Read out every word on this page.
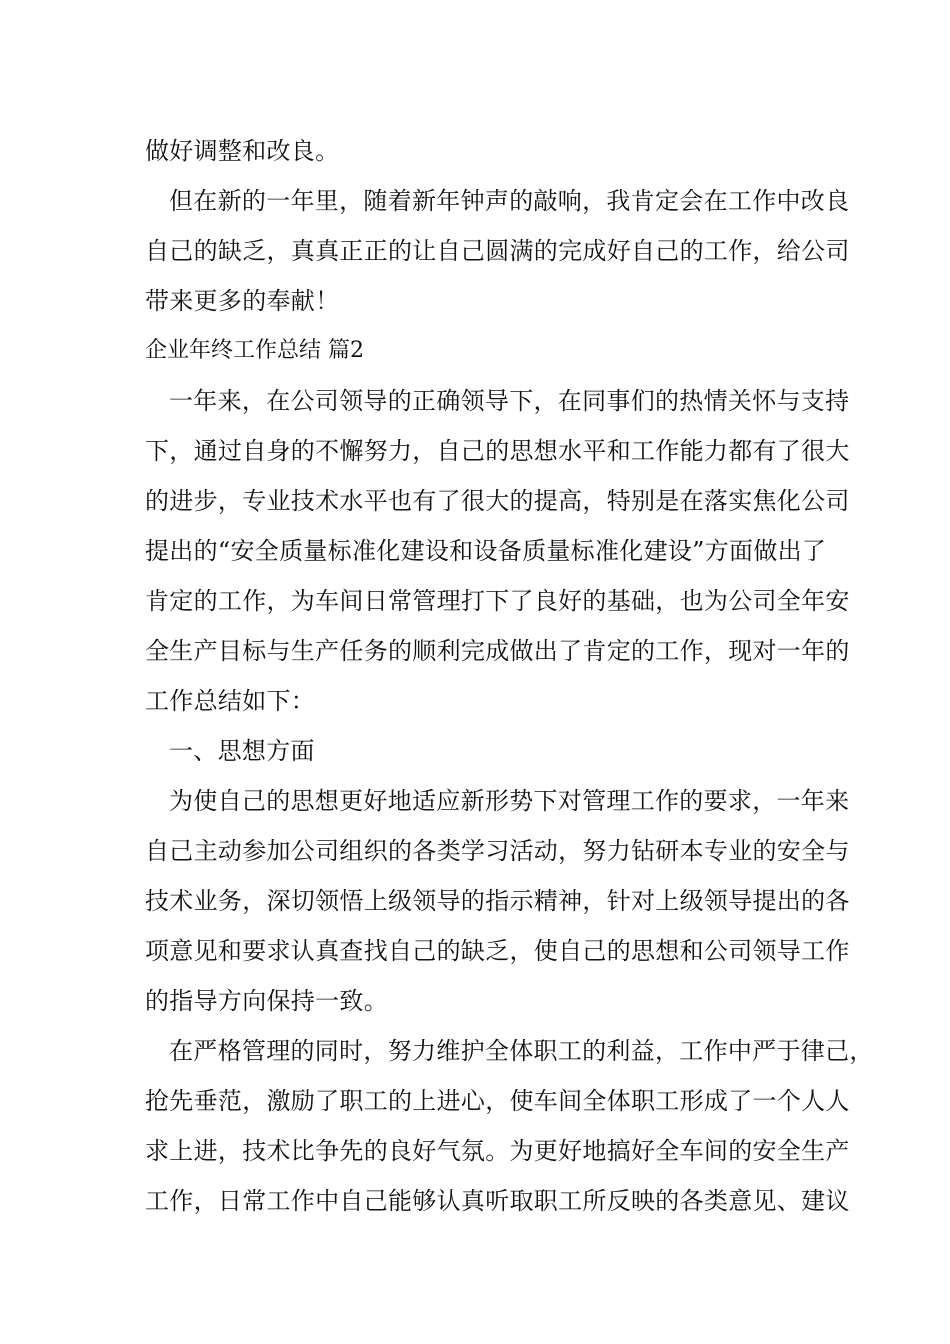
做好调整和改良。
但在新的一年里，随着新年钟声的敲响，我肯定会在工作中改良
自己的缺乏，真真正正的让自己圆满的完成好自己的工作，给公司
带来更多的奉献！
企业年终工作总结 篇2
一年来，在公司领导的正确领导下，在同事们的热情关怀与支持
下，通过自身的不懈努力，自己的思想水平和工作能力都有了很大
的进步，专业技术水平也有了很大的提高，特别是在落实焦化公司
提出的“安全质量标准化建设和设备质量标准化建设”方面做出了
肯定的工作，为车间日常管理打下了良好的基础，也为公司全年安
全生产目标与生产任务的顺利完成做出了肯定的工作，现对一年的
工作总结如下：
一、思想方面
为使自己的思想更好地适应新形势下对管理工作的要求，一年来
自己主动参加公司组织的各类学习活动，努力钻研本专业的安全与
技术业务，深切领悟上级领导的指示精神，针对上级领导提出的各
项意见和要求认真查找自己的缺乏，使自己的思想和公司领导工作
的指导方向保持一致。
在严格管理的同时，努力维护全体职工的利益，工作中严于律己，
抢先垂范，激励了职工的上进心，使车间全体职工形成了一个人人
求上进，技术比争先的良好气氛。为更好地搞好全车间的安全生产
工作，日常工作中自己能够认真听取职工所反映的各类意见、建议
